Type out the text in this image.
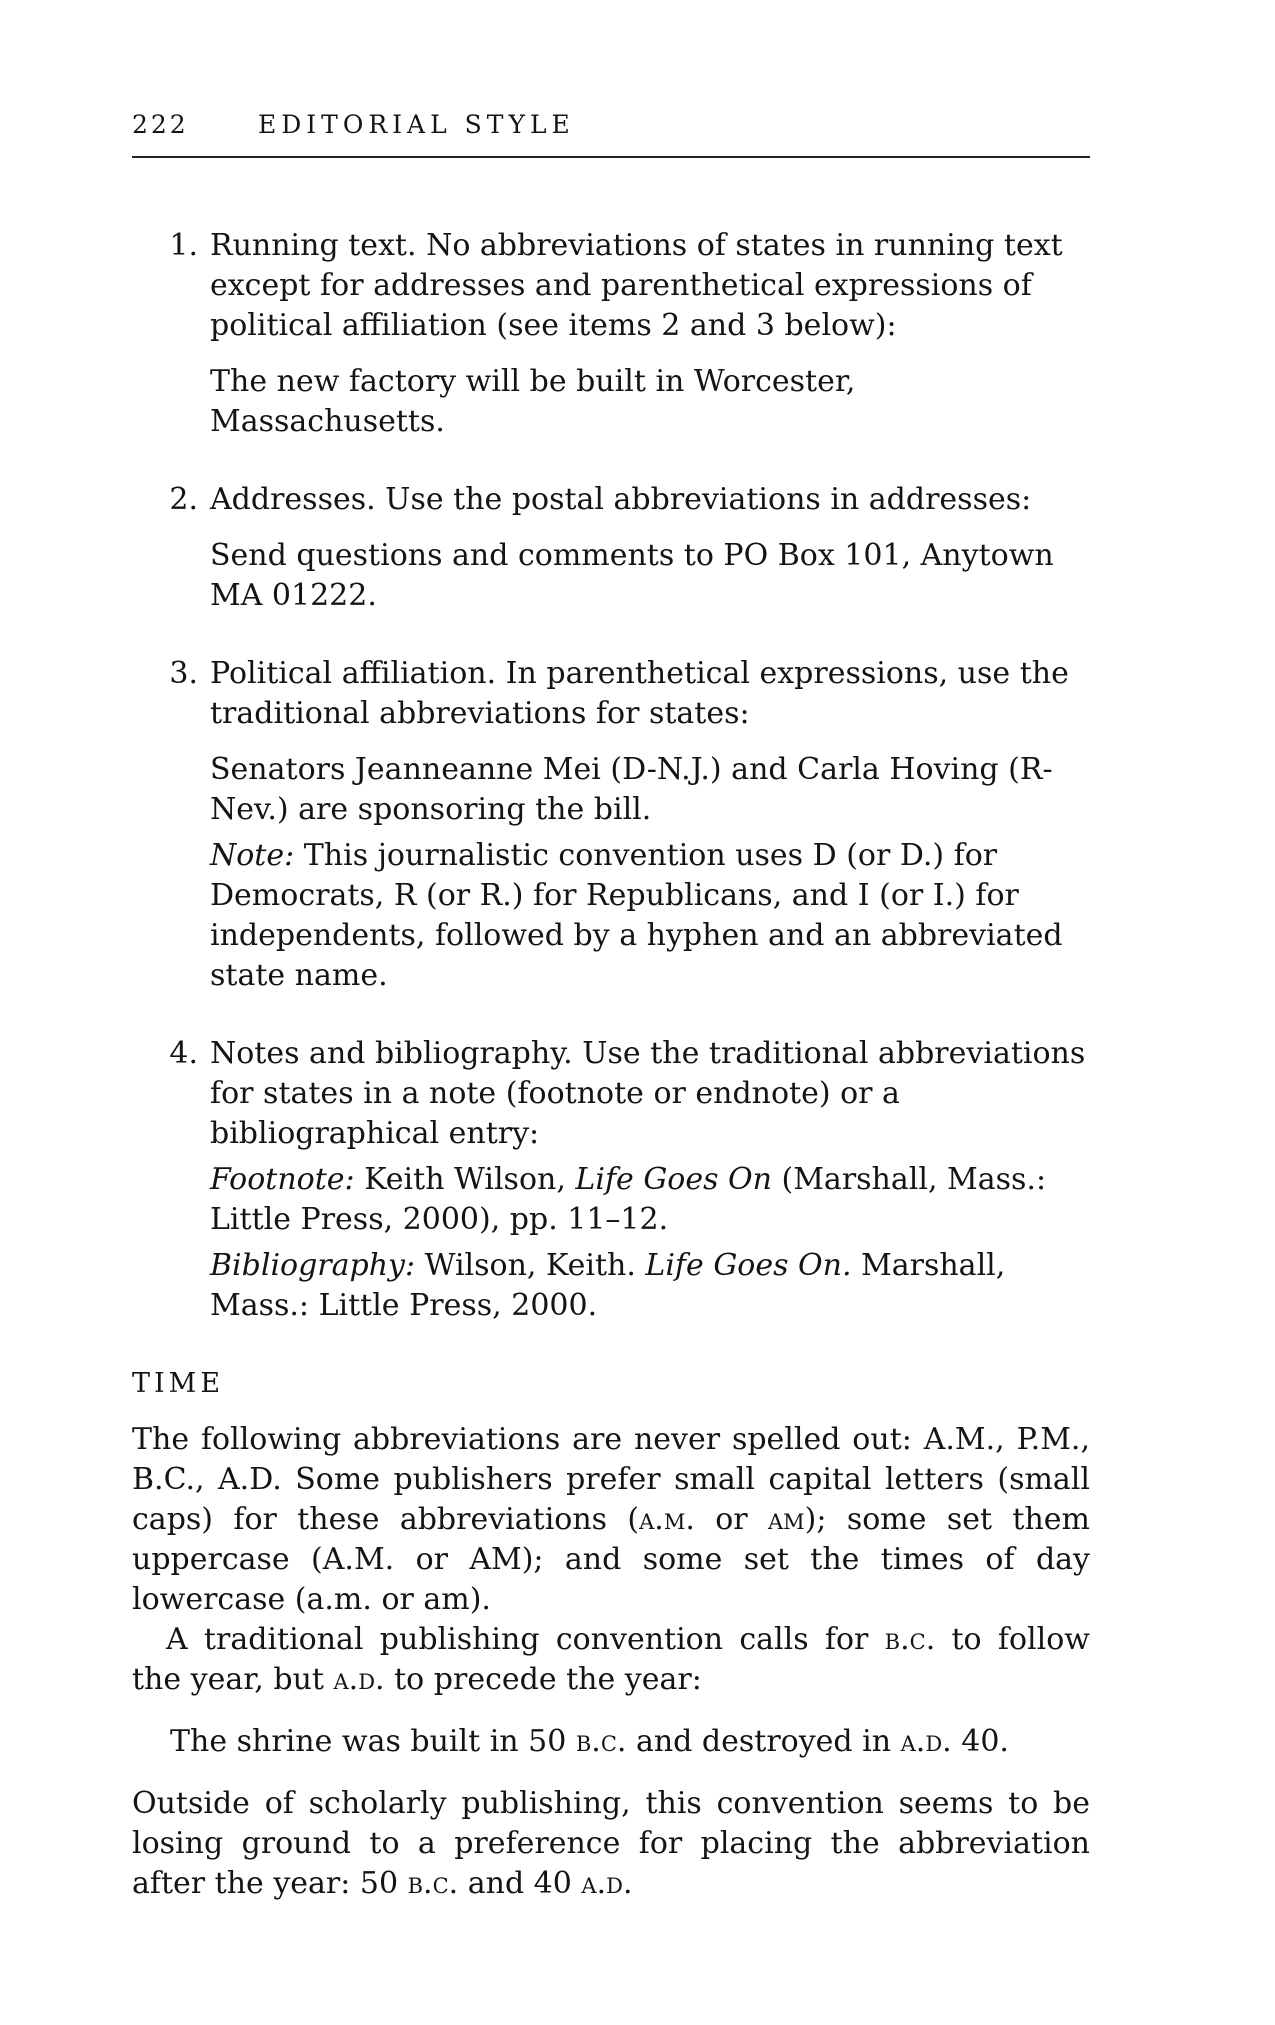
222	EDITORIAL STYLE
1. Running text. No abbreviations of states in running text except for addresses and parenthetical expressions of political affiliation (see items 2 and 3 below):

The new factory will be built in Worcester, Massachusetts.

2. Addresses. Use the postal abbreviations in addresses:

Send questions and comments to PO Box 101, Anytown MA 01222.

3. Political affiliation. In parenthetical expressions, use the traditional abbreviations for states:

Senators Jeanneanne Mei (D-N.J.) and Carla Hoving (R-Nev.) are sponsoring the bill.

Note: This journalistic convention uses D (or D.) for Democrats, R (or R.) for Republicans, and I (or I.) for independents, followed by a hyphen and an abbreviated state name.

4. Notes and bibliography. Use the traditional abbreviations for states in a note (footnote or endnote) or a bibliographical entry:

Footnote: Keith Wilson, Life Goes On (Marshall, Mass.: Little Press, 2000), pp. 11–12.

Bibliography: Wilson, Keith. Life Goes On. Marshall, Mass.: Little Press, 2000.

TIME

The following abbreviations are never spelled out: A.M., P.M., B.C., A.D. Some publishers prefer small capital letters (small caps) for these abbreviations (a.m. or am); some set them uppercase (A.M. or AM); and some set the times of day lowercase (a.m. or am).

A traditional publishing convention calls for b.c. to follow the year, but a.d. to precede the year:

The shrine was built in 50 b.c. and destroyed in a.d. 40.

Outside of scholarly publishing, this convention seems to be losing ground to a preference for placing the abbreviation after the year: 50 b.c. and 40 a.d.
